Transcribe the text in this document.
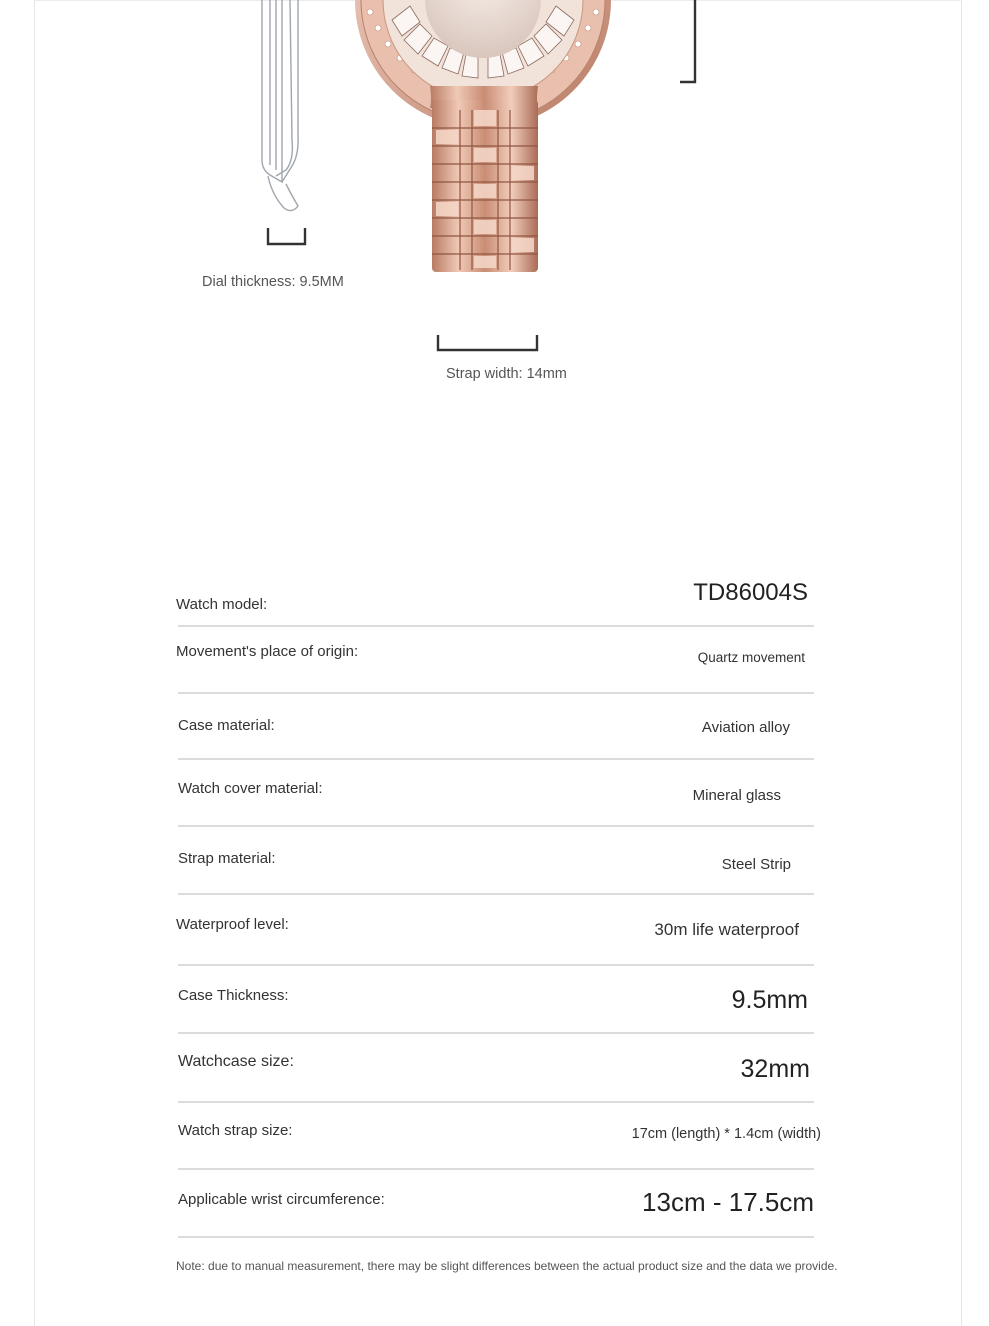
Dial thickness: 9.5MM
Strap width: 14mm
Watch model:	TD86004S
Movement's place of origin:	Quartz movement
Case material:	Aviation alloy
Watch cover material:	Mineral glass
Strap material:	Steel Strip
Waterproof level:	30m life waterproof
Case Thickness:	9.5mm
Watchcase size:	32mm
Watch strap size:	17cm (length) * 1.4cm (width)
Applicable wrist circumference:	13cm - 17.5cm
Note: due to manual measurement, there may be slight differences between the actual product size and the data we provide.
